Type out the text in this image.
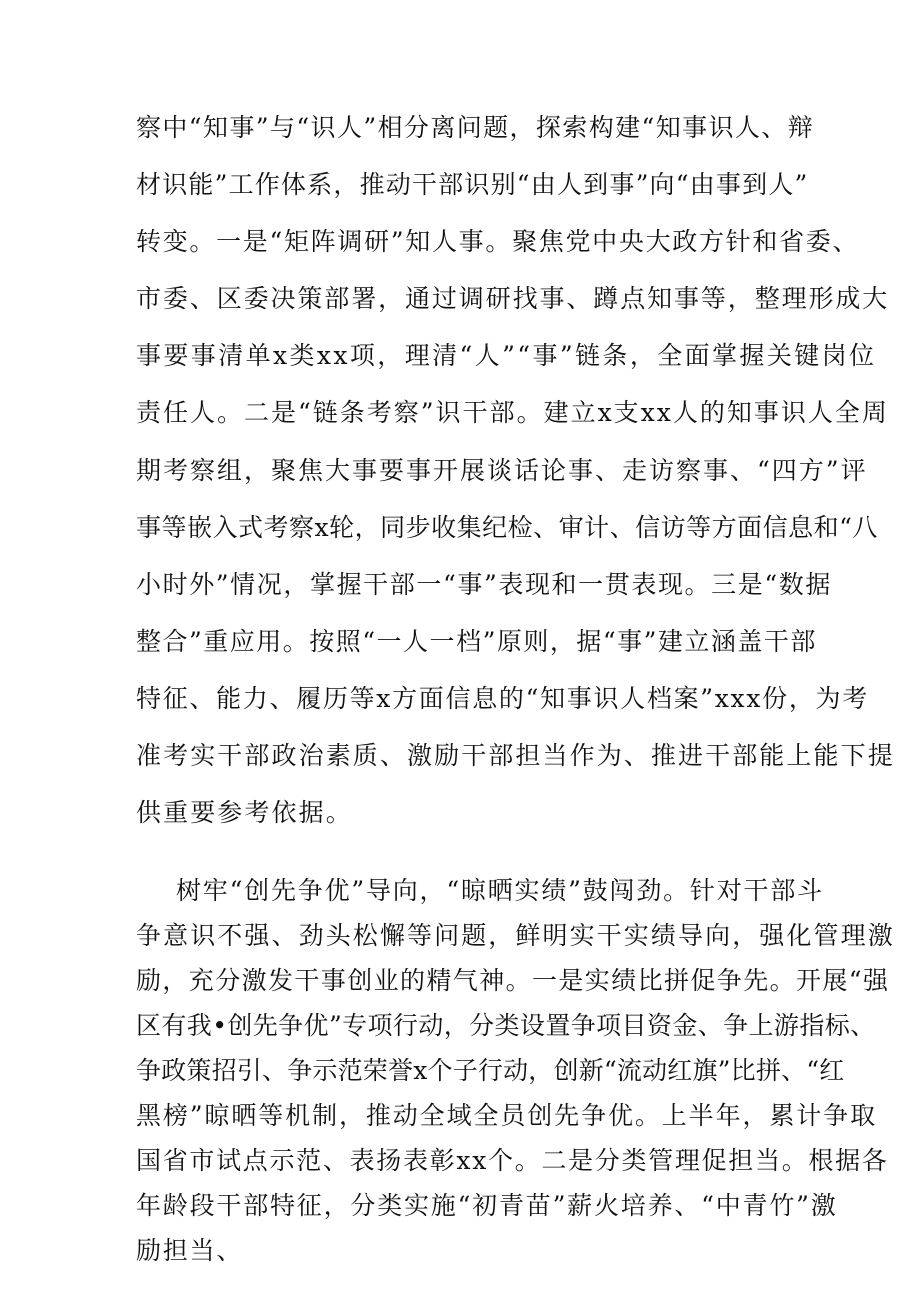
察中“知事”与“识人”相分离问题，探索构建“知事识人、辩
材识能”工作体系，推动干部识别“由人到事”向“由事到人”
转变。一是“矩阵调研”知人事。聚焦党中央大政方针和省委、
市委、区委决策部署，通过调研找事、蹲点知事等，整理形成大
事要事清单x类xx项，理清“人”“事”链条，全面掌握关键岗位
责任人。二是“链条考察”识干部。建立x支xx人的知事识人全周
期考察组，聚焦大事要事开展谈话论事、走访察事、“四方”评
事等嵌入式考察x轮，同步收集纪检、审计、信访等方面信息和“八
小时外”情况，掌握干部一“事”表现和一贯表现。三是“数据
整合”重应用。按照“一人一档”原则，据“事”建立涵盖干部
特征、能力、履历等x方面信息的“知事识人档案”xxx份，为考
准考实干部政治素质、激励干部担当作为、推进干部能上能下提
供重要参考依据。
树牢“创先争优”导向，“晾晒实绩”鼓闯劲。针对干部斗
争意识不强、劲头松懈等问题，鲜明实干实绩导向，强化管理激
励，充分激发干事创业的精气神。一是实绩比拼促争先。开展“强
区有我•创先争优”专项行动，分类设置争项目资金、争上游指标、
争政策招引、争示范荣誉x个子行动，创新“流动红旗”比拼、“红
黑榜”晾晒等机制，推动全域全员创先争优。上半年，累计争取
国省市试点示范、表扬表彰xx个。二是分类管理促担当。根据各
年龄段干部特征，分类实施“初青苗”薪火培养、“中青竹”激
励担当、
